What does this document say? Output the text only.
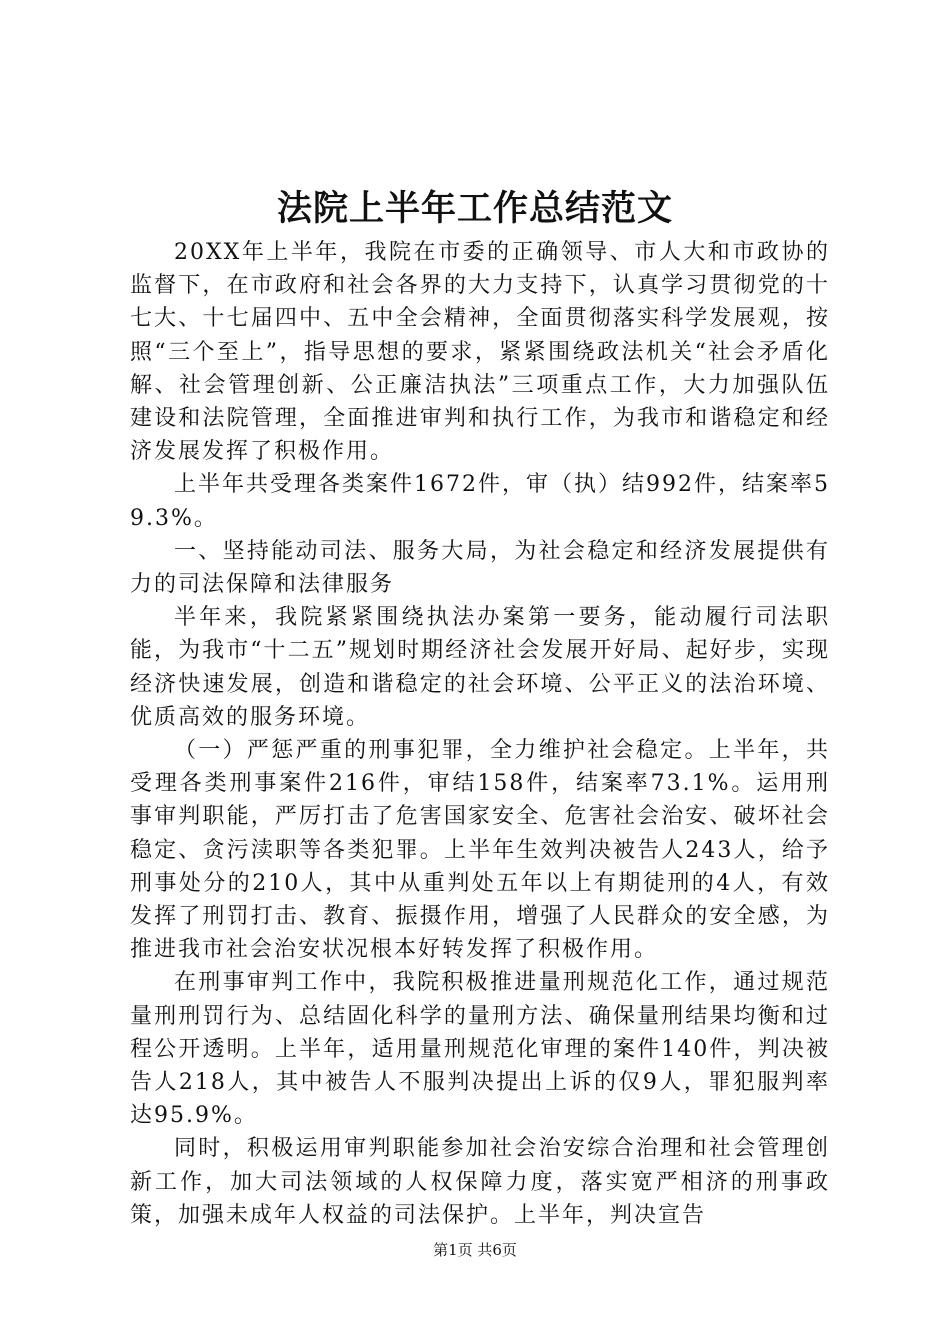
法院上半年工作总结范文

20XX年上半年，我院在市委的正确领导、市人大和市政协的监督下，在市政府和社会各界的大力支持下，认真学习贯彻党的十七大、十七届四中、五中全会精神，全面贯彻落实科学发展观，按照“三个至上”，指导思想的要求，紧紧围绕政法机关“社会矛盾化解、社会管理创新、公正廉洁执法”三项重点工作，大力加强队伍建设和法院管理，全面推进审判和执行工作，为我市和谐稳定和经济发展发挥了积极作用。

上半年共受理各类案件1672件，审（执）结992件，结案率59.3%。

一、坚持能动司法、服务大局，为社会稳定和经济发展提供有力的司法保障和法律服务

半年来，我院紧紧围绕执法办案第一要务，能动履行司法职能，为我市“十二五”规划时期经济社会发展开好局、起好步，实现经济快速发展，创造和谐稳定的社会环境、公平正义的法治环境、优质高效的服务环境。

（一）严惩严重的刑事犯罪，全力维护社会稳定。上半年，共受理各类刑事案件216件，审结158件，结案率73.1%。运用刑事审判职能，严厉打击了危害国家安全、危害社会治安、破坏社会稳定、贪污渎职等各类犯罪。上半年生效判决被告人243人，给予刑事处分的210人，其中从重判处五年以上有期徒刑的4人，有效发挥了刑罚打击、教育、振摄作用，增强了人民群众的安全感，为推进我市社会治安状况根本好转发挥了积极作用。

在刑事审判工作中，我院积极推进量刑规范化工作，通过规范量刑刑罚行为、总结固化科学的量刑方法、确保量刑结果均衡和过程公开透明。上半年，适用量刑规范化审理的案件140件，判决被告人218人，其中被告人不服判决提出上诉的仅9人，罪犯服判率达95.9%。

同时，积极运用审判职能参加社会治安综合治理和社会管理创新工作，加大司法领域的人权保障力度，落实宽严相济的刑事政策，加强未成年人权益的司法保护。上半年，判决宣告

第1页 共6页
